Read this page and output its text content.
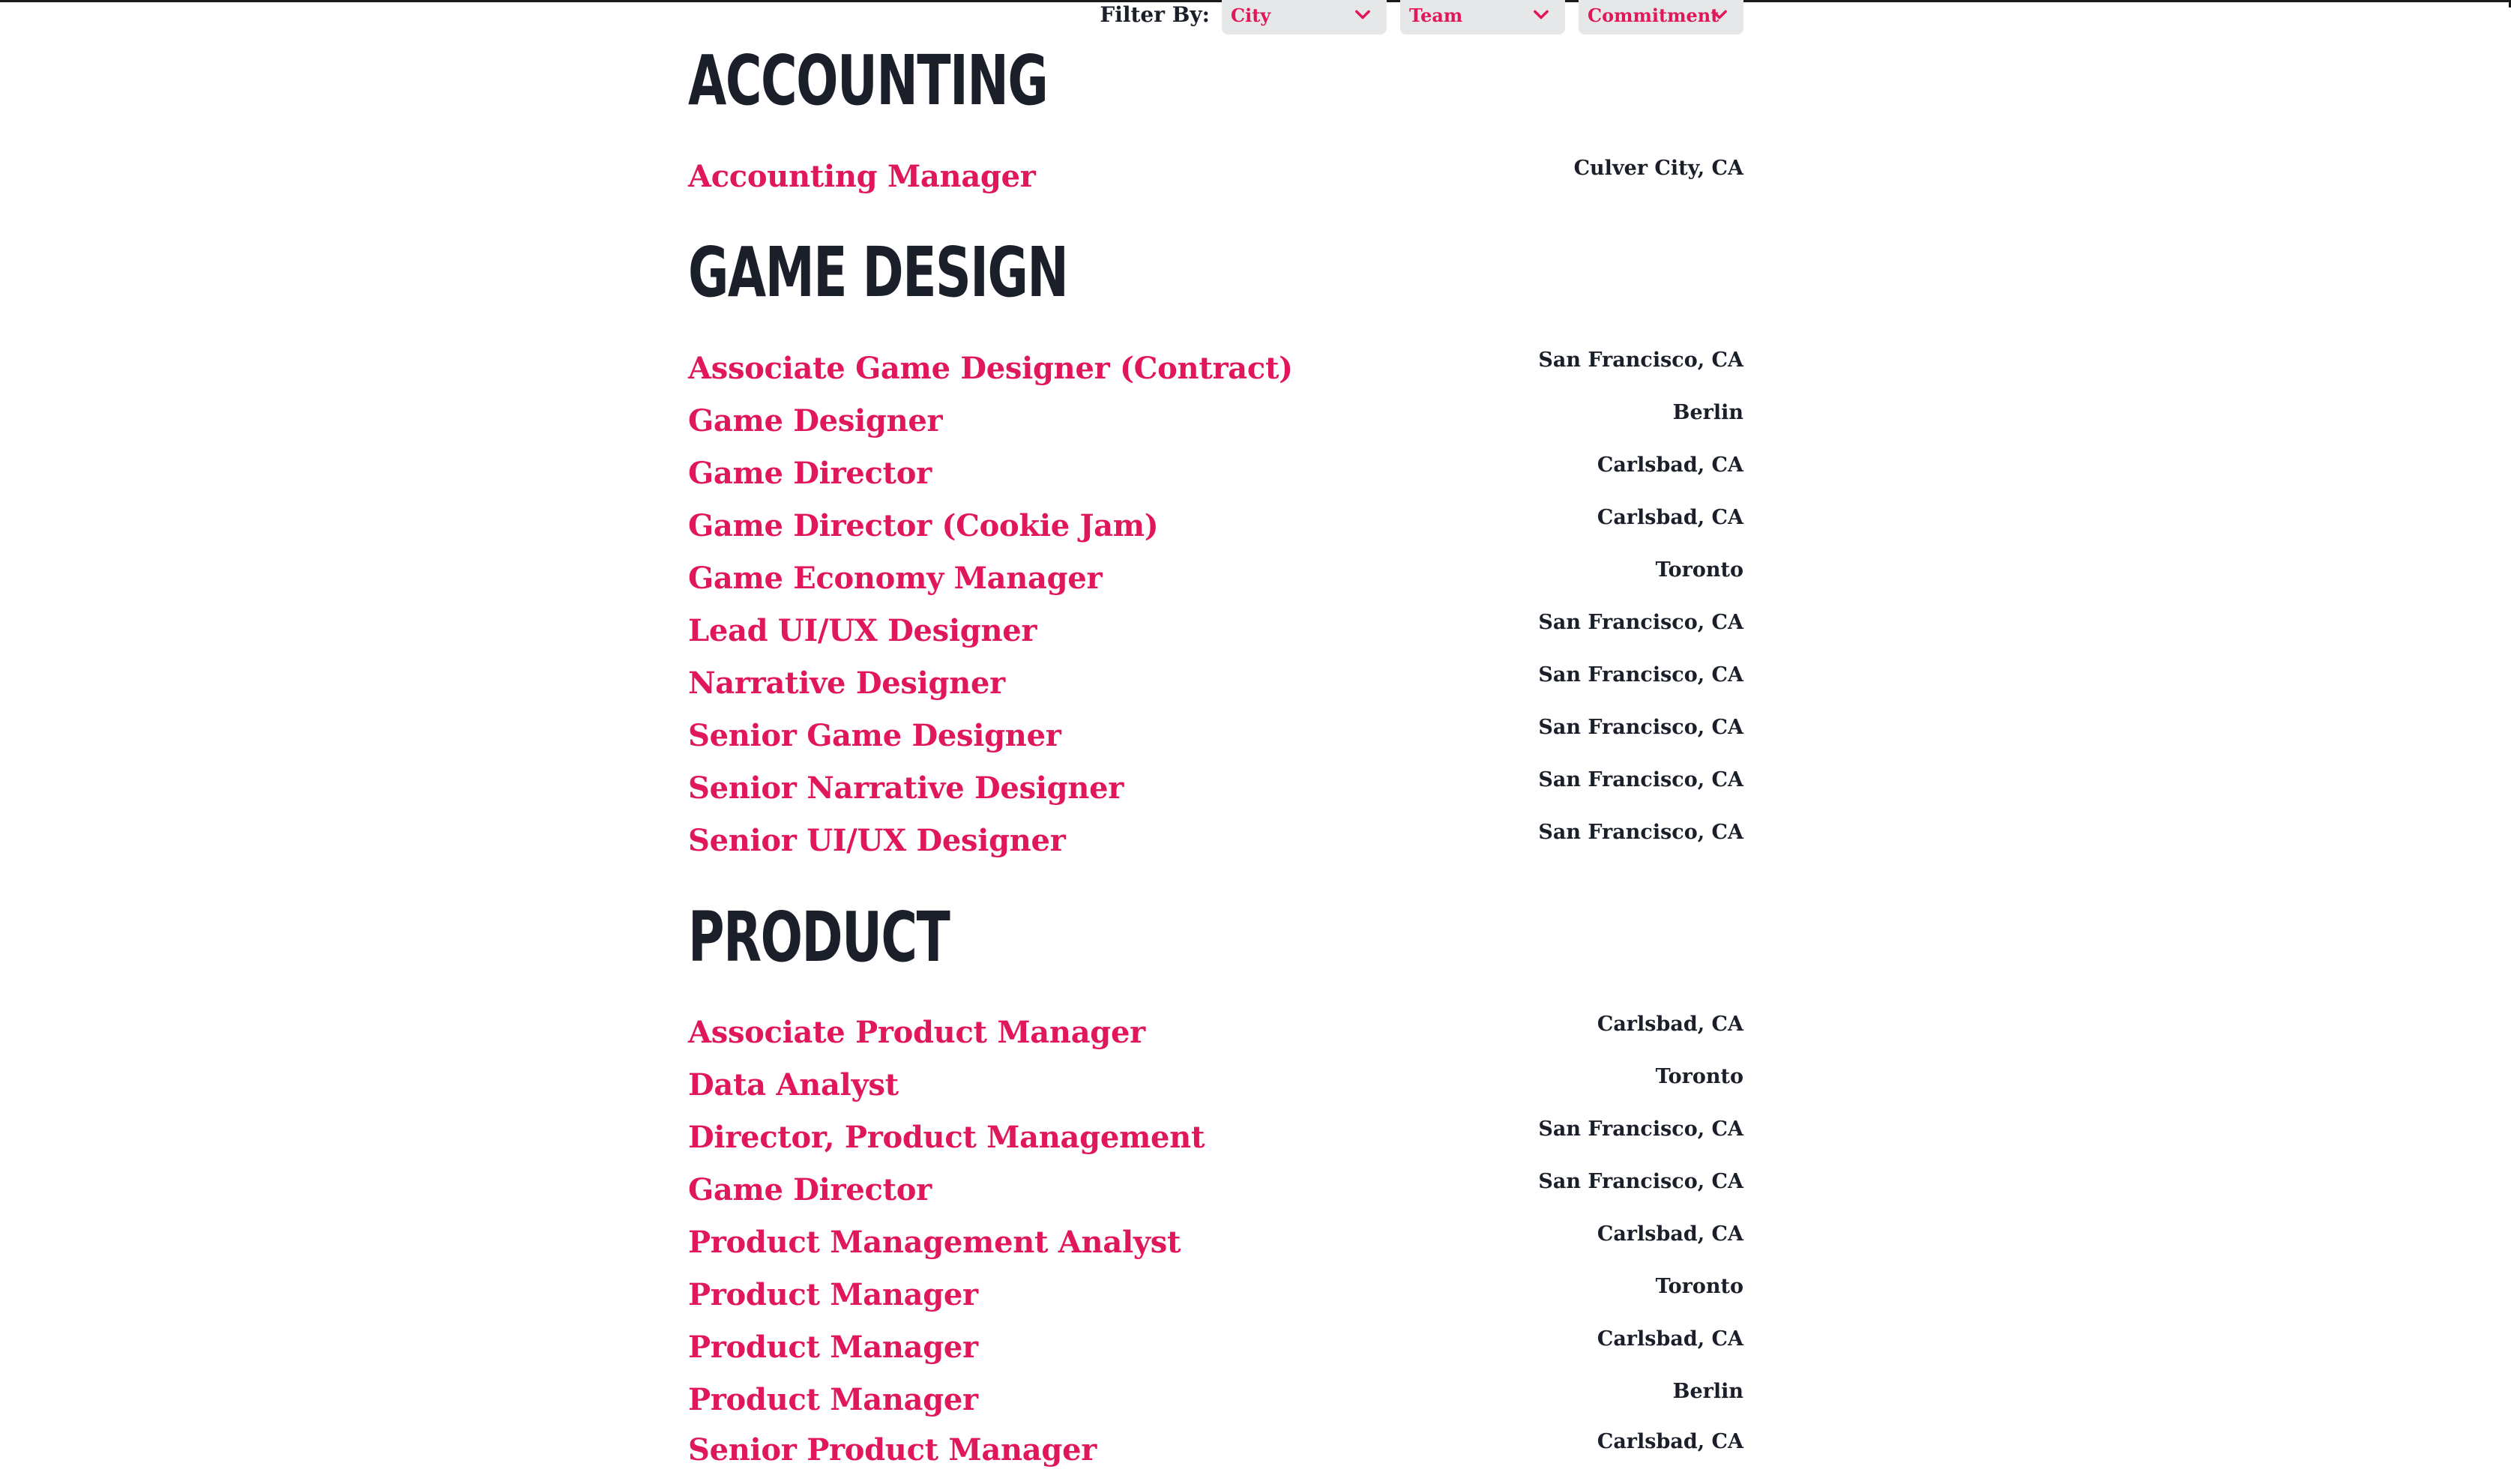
Filter By: City	Team	Commitment
ACCOUNTING
Accounting Manager	Culver City, CA
GAME DESIGN
Associate Game Designer (Contract)	San Francisco, CA
Game Designer	Berlin
Game Director	Carlsbad, CA
Game Director (Cookie Jam)	Carlsbad, CA
Game Economy Manager	Toronto
Lead UI/UX Designer	San Francisco, CA
Narrative Designer	San Francisco, CA
Senior Game Designer	San Francisco, CA
Senior Narrative Designer	San Francisco, CA
Senior UI/UX Designer	San Francisco, CA
PRODUCT
Associate Product Manager	Carlsbad, CA
Data Analyst	Toronto
Director, Product Management	San Francisco, CA
Game Director	San Francisco, CA
Product Management Analyst	Carlsbad, CA
Product Manager	Toronto
Product Manager	Carlsbad, CA
Product Manager	Berlin
Senior Product Manager	Carlsbad, CA
